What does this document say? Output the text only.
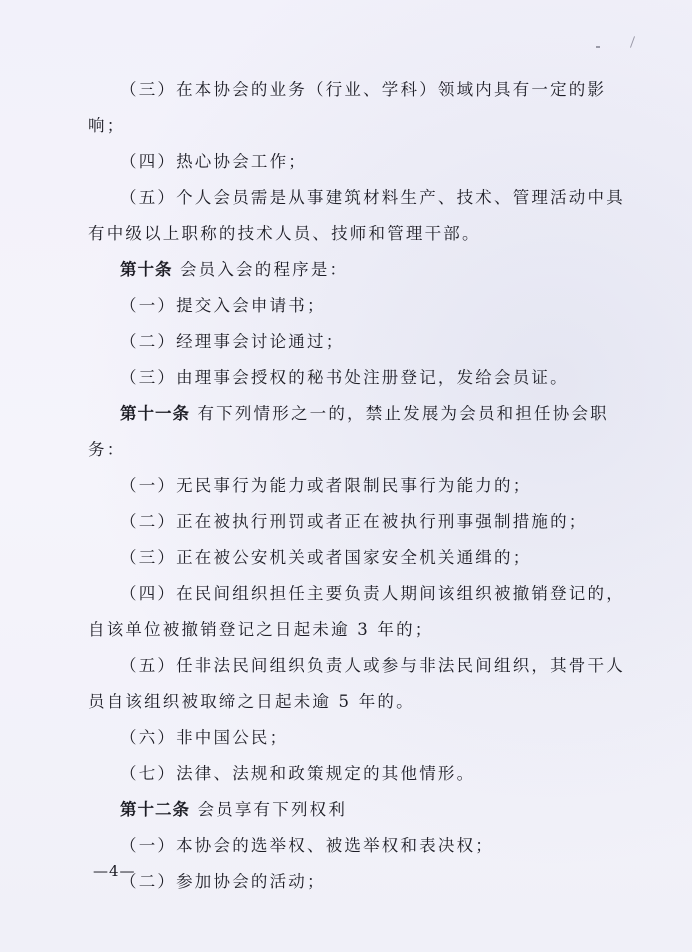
（三）在本协会的业务（行业、学科）领域内具有一定的影
响；
（四）热心协会工作；
（五）个人会员需是从事建筑材料生产、技术、管理活动中具
有中级以上职称的技术人员、技师和管理干部。
第十条 会员入会的程序是：
（一）提交入会申请书；
（二）经理事会讨论通过；
（三）由理事会授权的秘书处注册登记，发给会员证。
第十一条 有下列情形之一的，禁止发展为会员和担任协会职
务：
（一）无民事行为能力或者限制民事行为能力的；
（二）正在被执行刑罚或者正在被执行刑事强制措施的；
（三）正在被公安机关或者国家安全机关通缉的；
（四）在民间组织担任主要负责人期间该组织被撤销登记的，
自该单位被撤销登记之日起未逾 3 年的；
（五）任非法民间组织负责人或参与非法民间组织，其骨干人
员自该组织被取缔之日起未逾 5 年的。
（六）非中国公民；
（七）法律、法规和政策规定的其他情形。
第十二条 会员享有下列权利
（一）本协会的选举权、被选举权和表决权；
（二）参加协会的活动；
—4—
